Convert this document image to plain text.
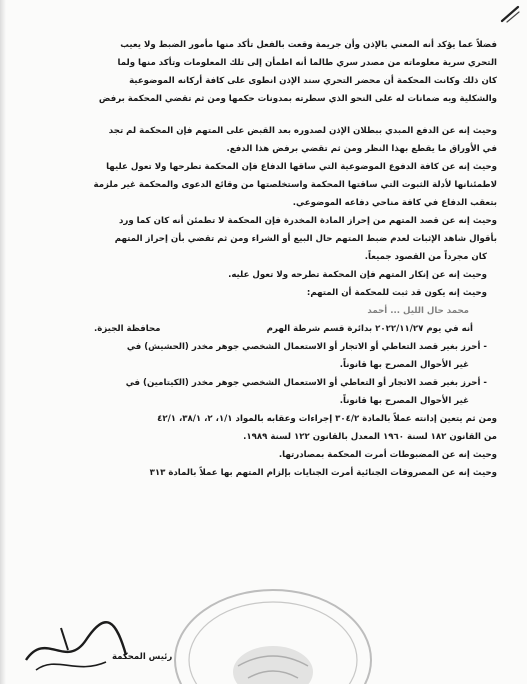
فضلاً عما يؤكد أنه المعني بالإذن وأن جريمة وقعت بالفعل تأكد منها مأمور الضبط ولا يعيب
التحري سرية معلوماته من مصدر سري طالما أنه اطمأن إلى تلك المعلومات وتأكد منها ولما
كان ذلك وكانت المحكمة أن محضر التحري سند الإذن انطوى على كافة أركانه الموضوعية
والشكلية وبه ضمانات له على النحو الذي سطرته بمدونات حكمها ومن ثم تقضي المحكمة برفض
وحيث إنه عن الدفع المبدي ببطلان الإذن لصدوره بعد القبض على المتهم فإن المحكمة لم تجد
في الأوراق ما يقطع بهذا النظر ومن ثم تقضي برفض هذا الدفع.
وحيث إنه عن كافة الدفوع الموضوعية التي ساقها الدفاع فإن المحكمة تطرحها ولا تعول عليها
لاطمئنانها لأدلة الثبوت التي ساقتها المحكمة واستخلصتها من وقائع الدعوى والمحكمة غير ملزمة
بتعقب الدفاع في كافة مناحي دفاعه الموضوعي.
وحيث إنه عن قصد المتهم من إحراز المادة المخدرة فإن المحكمة لا تطمئن أنه كان كما ورد
بأقوال شاهد الإثبات لعدم ضبط المتهم حال البيع أو الشراء ومن ثم تقضي بأن إحراز المتهم
كان مجرداً من القصود جميعاً.
وحيث إنه عن إنكار المتهم فإن المحكمة تطرحه ولا تعول عليه.
وحيث إنه يكون قد ثبت للمحكمة أن المتهم:
محمد حال الليل ... أحمد
أنه في يوم ٢٠٢٢/١١/٢٧ بدائرة قسم شرطة الهرم
محافظة الجيزة.
- أحرز بغير قصد التعاطي أو الاتجار أو الاستعمال الشخصي جوهر مخدر (الحشيش) في
غير الأحوال المصرح بها قانوناً.
- أحرز بغير قصد الاتجار أو التعاطي أو الاستعمال الشخصي جوهر مخدر (الكيتامين) في
غير الأحوال المصرح بها قانوناً.
ومن ثم يتعين إدانته عملاً بالمادة ٣٠٤/٢ إجراءات وعقابه بالمواد ١/١، ٢، ٣٨/١، ٤٢/١
من القانون ١٨٢ لسنة ١٩٦٠ المعدل بالقانون ١٢٢ لسنة ١٩٨٩.
وحيث إنه عن المضبوطات أمرت المحكمة بمصادرتها.
وحيث إنه عن المصروفات الجنائية أمرت الجنايات بإلزام المتهم بها عملاً بالمادة ٣١٣
رئيس المحكمة
